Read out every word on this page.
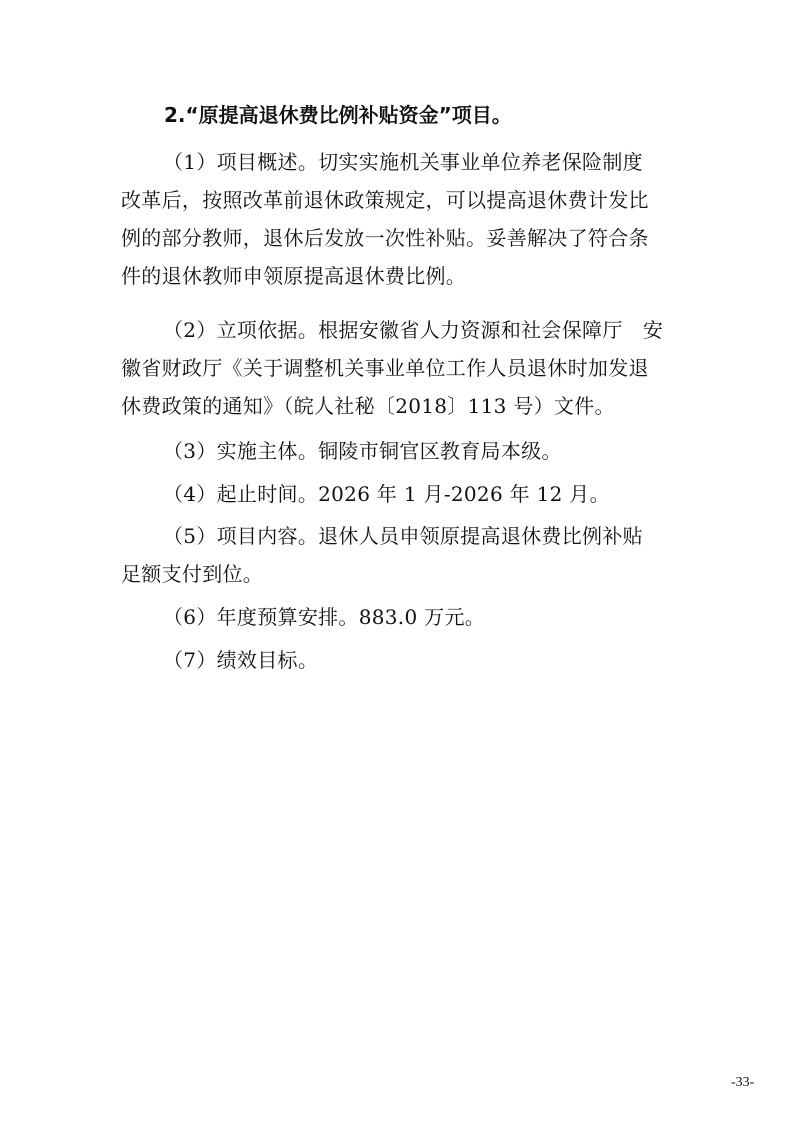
2.“原提高退休费比例补贴资金”项目。
（1）项目概述。切实实施机关事业单位养老保险制度
改革后，按照改革前退休政策规定，可以提高退休费计发比
例的部分教师，退休后发放一次性补贴。妥善解决了符合条
件的退休教师申领原提高退休费比例。
（2）立项依据。根据安徽省人力资源和社会保障厅　安
徽省财政厅《关于调整机关事业单位工作人员退休时加发退
休费政策的通知》（皖人社秘〔2018〕113 号）文件。
（3）实施主体。铜陵市铜官区教育局本级。
（4）起止时间。2026 年 1 月-2026 年 12 月。
（5）项目内容。退休人员申领原提高退休费比例补贴
足额支付到位。
（6）年度预算安排。883.0 万元。
（7）绩效目标。
-33-
